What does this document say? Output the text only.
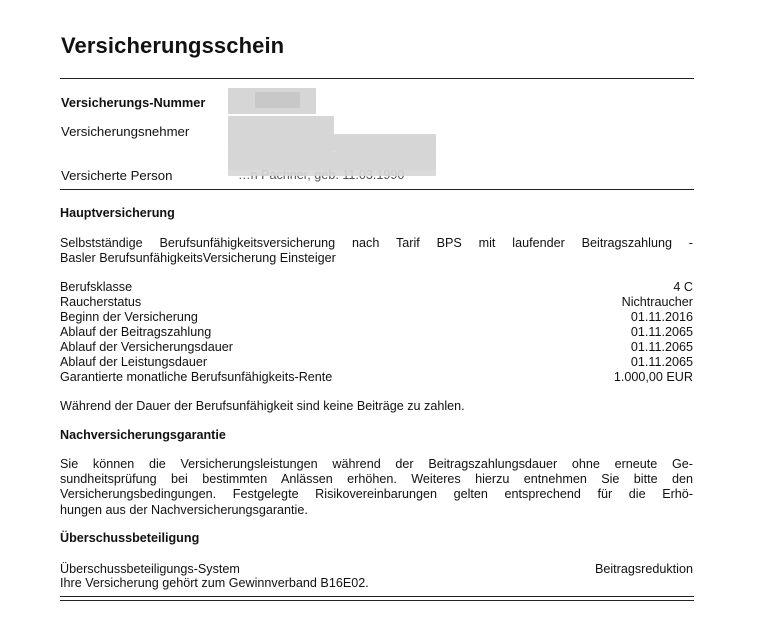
Versicherungsschein
Versicherungs-Nummer
Versicherungsnehmer
Versicherte Person
Hauptversicherung
Selbstständige Berufsunfähigkeitsversicherung nach Tarif BPS mit laufender Beitragszahlung -
Basler BerufsunfähigkeitsVersicherung Einsteiger
Berufsklasse	4 C
Raucherstatus	Nichtraucher
Beginn der Versicherung	01.11.2016
Ablauf der Beitragszahlung	01.11.2065
Ablauf der Versicherungsdauer	01.11.2065
Ablauf der Leistungsdauer	01.11.2065
Garantierte monatliche Berufsunfähigkeits-Rente	1.000,00 EUR
Während der Dauer der Berufsunfähigkeit sind keine Beiträge zu zahlen.
Nachversicherungsgarantie
Sie können die Versicherungsleistungen während der Beitragszahlungsdauer ohne erneute Ge-
sundheitsprüfung bei bestimmten Anlässen erhöhen. Weiteres hierzu entnehmen Sie bitte den
Versicherungsbedingungen. Festgelegte Risikovereinbarungen gelten entsprechend für die Erhö-
hungen aus der Nachversicherungsgarantie.
Überschussbeteiligung
Überschussbeteiligungs-System	Beitragsreduktion
Ihre Versicherung gehört zum Gewinnverband B16E02.
